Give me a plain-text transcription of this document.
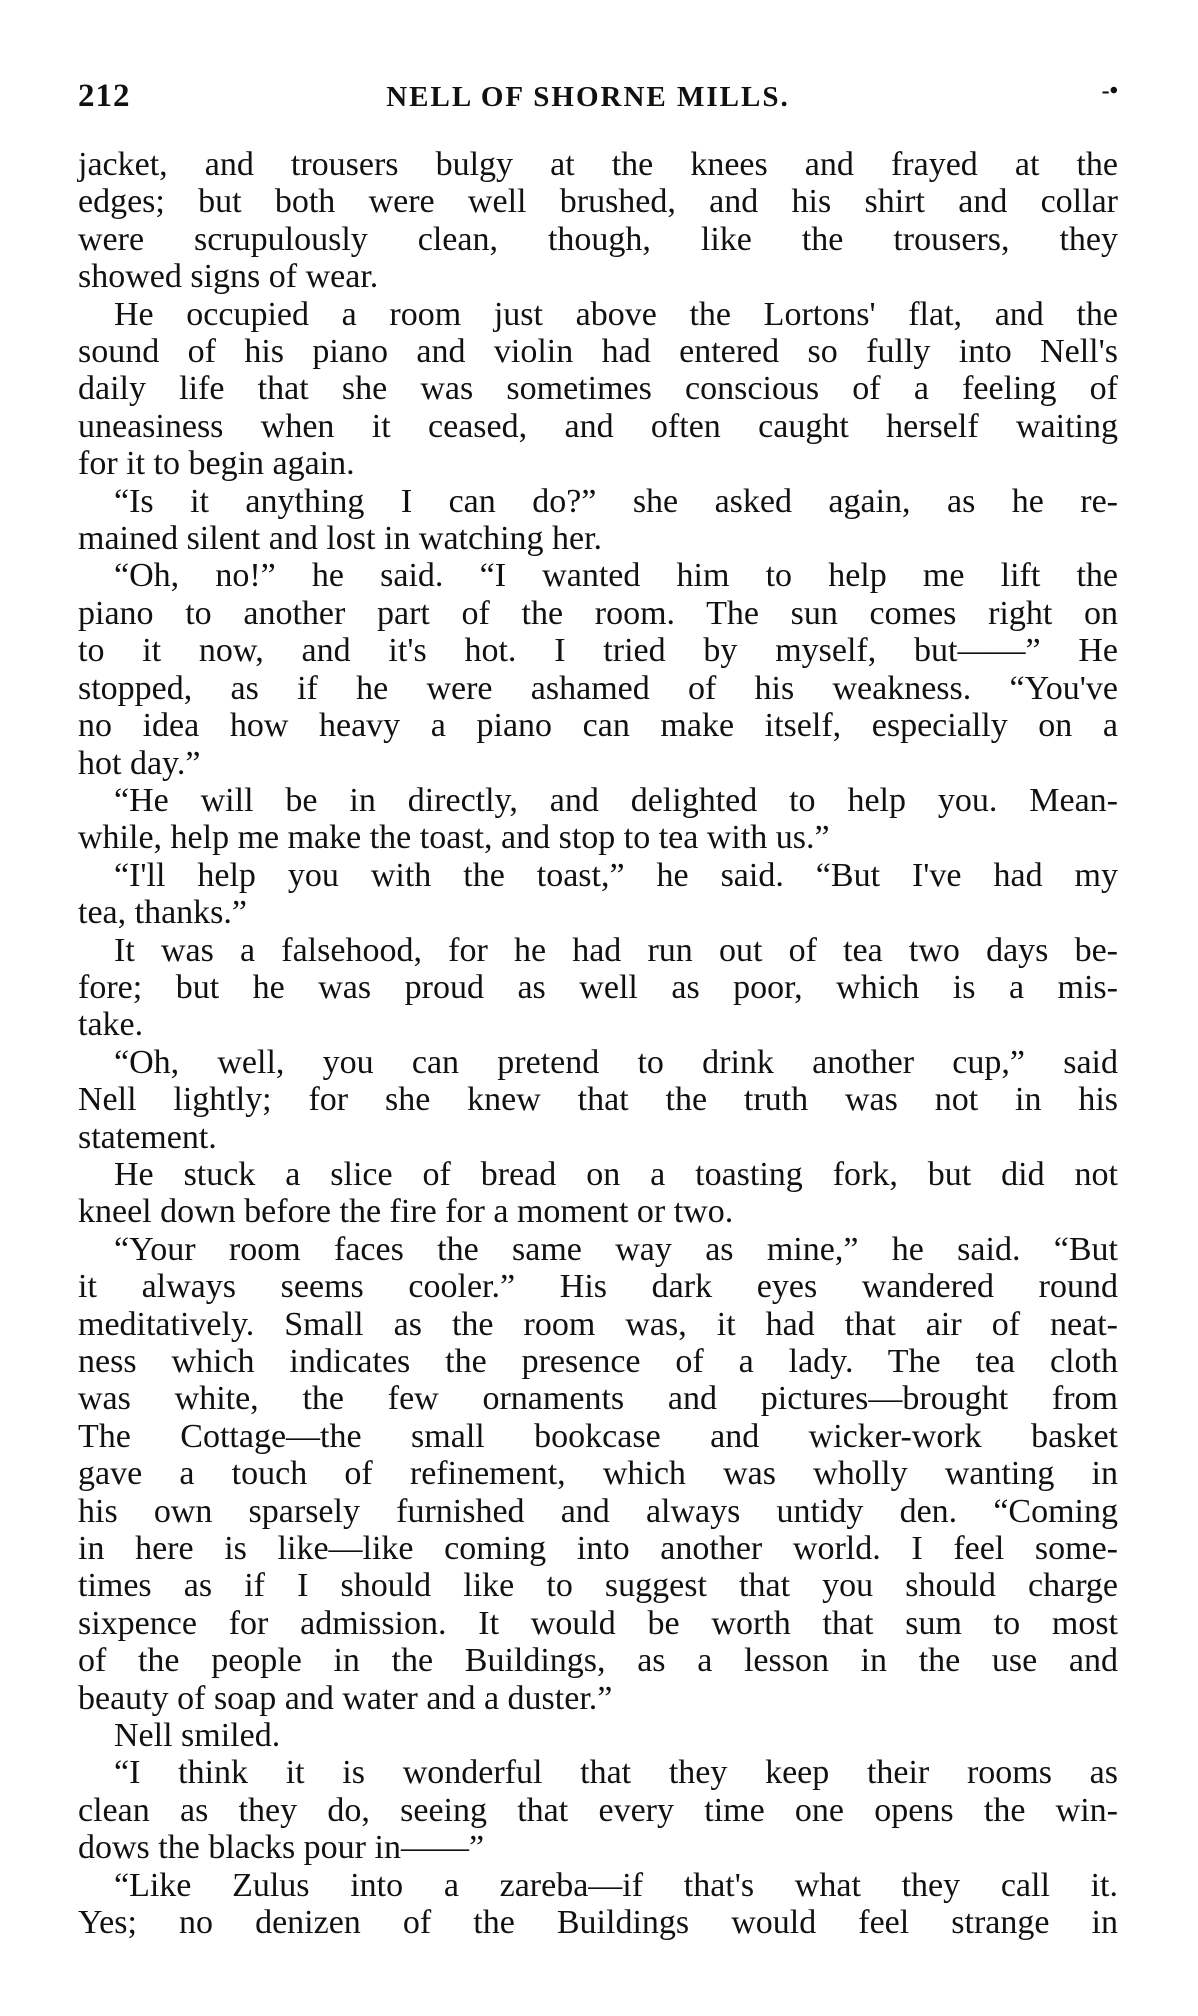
212	NELL OF SHORNE MILLS.	-•

jacket, and trousers bulgy at the knees and frayed at the

edges; but both were well brushed, and his shirt and collar

were scrupulously clean, though, like the trousers, they

showed signs of wear.

He occupied a room just above the Lortons' flat, and the

sound of his piano and violin had entered so fully into Nell's

daily life that she was sometimes conscious of a feeling of

uneasiness when it ceased, and often caught herself waiting

for it to begin again.

“Is it anything I can do?” she asked again, as he re-

mained silent and lost in watching her.

“Oh, no!” he said. “I wanted him to help me lift the

piano to another part of the room. The sun comes right on

to it now, and it's hot. I tried by myself, but——” He

stopped, as if he were ashamed of his weakness. “You've

no idea how heavy a piano can make itself, especially on a

hot day.”

“He will be in directly, and delighted to help you. Mean-

while, help me make the toast, and stop to tea with us.”

“I'll help you with the toast,” he said. “But I've had my

tea, thanks.”

It was a falsehood, for he had run out of tea two days be-

fore; but he was proud as well as poor, which is a mis-

take.

“Oh, well, you can pretend to drink another cup,” said

Nell lightly; for she knew that the truth was not in his

statement.

He stuck a slice of bread on a toasting fork, but did not

kneel down before the fire for a moment or two.

“Your room faces the same way as mine,” he said. “But

it always seems cooler.” His dark eyes wandered round

meditatively. Small as the room was, it had that air of neat-

ness which indicates the presence of a lady. The tea cloth

was white, the few ornaments and pictures—brought from

The Cottage—the small bookcase and wicker-work basket

gave a touch of refinement, which was wholly wanting in

his own sparsely furnished and always untidy den. “Coming

in here is like—like coming into another world. I feel some-

times as if I should like to suggest that you should charge

sixpence for admission. It would be worth that sum to most

of the people in the Buildings, as a lesson in the use and

beauty of soap and water and a duster.”

Nell smiled.

“I think it is wonderful that they keep their rooms as

clean as they do, seeing that every time one opens the win-

dows the blacks pour in——”

“Like Zulus into a zareba—if that's what they call it.

Yes; no denizen of the Buildings would feel strange in
